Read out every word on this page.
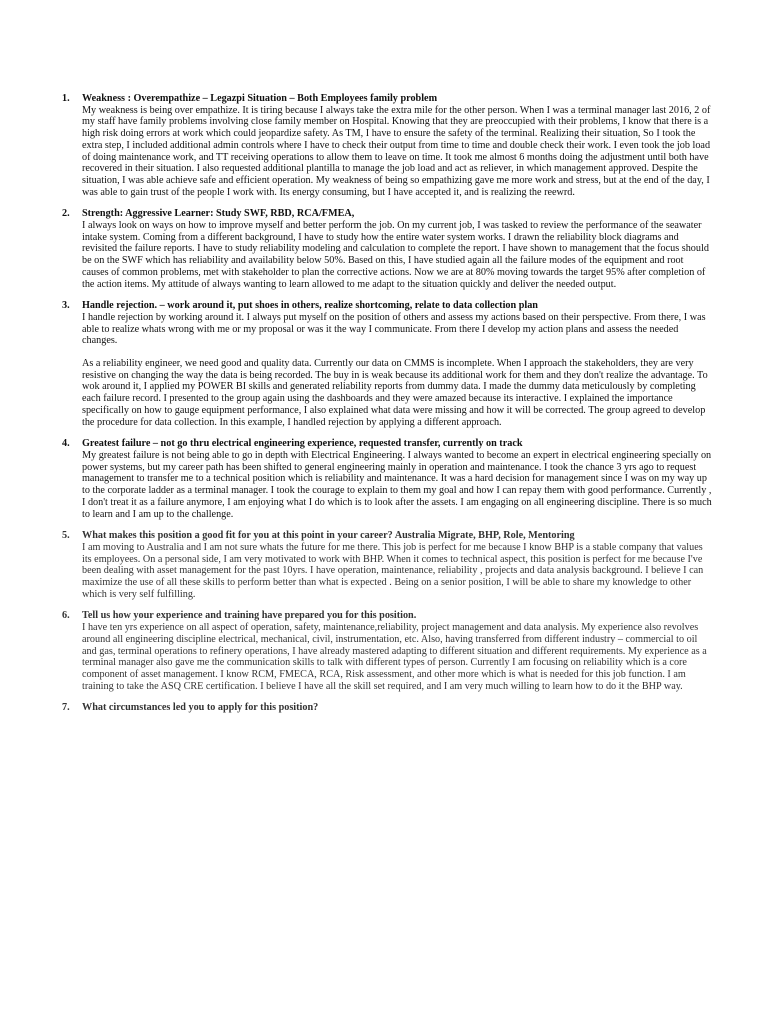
1. Weakness : Overempathize – Legazpi Situation – Both Employees family problem

My weakness is being over empathize. It is tiring because I always take the extra mile for the other person. When I was a terminal manager last 2016, 2 of my staff have family problems involving close family member on Hospital. Knowing that they are preoccupied with their problems, I know that there is a high risk doing errors at work which could jeopardize safety. As TM, I have to ensure the safety of the terminal. Realizing their situation, So I took the extra step, I included additional admin controls where I have to check their output from time to time and double check their work. I even took the job load of doing maintenance work, and TT receiving operations to allow them to leave on time. It took me almost 6 months doing the adjustment until both have recovered in their situation. I also requested additional plantilla to manage the job load and act as reliever, in which management approved. Despite the situation, I was able achieve safe and efficient operation. My weakness of being so empathizing gave me more work and stress, but at the end of the day, I was able to gain trust of the people I work with. Its energy consuming, but I have accepted it, and is realizing the reewrd.

2. Strength: Aggressive Learner: Study SWF, RBD, RCA/FMEA,

I always look on ways on how to improve myself and better perform the job. On my current job, I was tasked to review the performance of the seawater intake system. Coming from a different background, I have to study how the entire water system works. I drawn the reliability block diagrams and revisited the failure reports. I have to study reliability modeling and calculation to complete the report. I have shown to management that the focus should be on the SWF which has reliability and availability below 50%. Based on this, I have studied again all the failure modes of the equipment and root causes of common problems, met with stakeholder to plan the corrective actions. Now we are at 80% moving towards the target 95% after completion of the action items. My attitude of always wanting to learn allowed to me adapt to the situation quickly and deliver the needed output.

3. Handle rejection. – work around it, put shoes in others, realize shortcoming, relate to data collection plan

I handle rejection by working around it. I always put myself on the position of others and assess my actions based on their perspective. From there, I was able to realize whats wrong with me or my proposal or was it the way I communicate. From there I develop my action plans and assess the needed changes.

As a reliability engineer, we need good and quality data. Currently our data on CMMS is incomplete. When I approach the stakeholders, they are very resistive on changing the way the data is being recorded. The buy in is weak because its additional work for them and they don't realize the advantage. To wok around it, I applied my POWER BI skills and generated reliability reports from dummy data. I made the dummy data meticulously by completing each failure record. I presented to the group again using the dashboards and they were amazed because its interactive. I explained the importance specifically on how to gauge equipment performance, I also explained what data were missing and how it will be corrected. The group agreed to develop the procedure for data collection. In this example, I handled rejection by applying a different approach.

4. Greatest failure – not go thru electrical engineering experience, requested transfer, currently on track

My greatest failure is not being able to go in depth with Electrical Engineering. I always wanted to become an expert in electrical engineering specially on power systems, but my career path has been shifted to general engineering mainly in operation and maintenance. I took the chance 3 yrs ago to request management to transfer me to a technical position which is reliability and maintenance. It was a hard decision for management since I was on my way up to the corporate ladder as a terminal manager. I took the courage to explain to them my goal and how I can repay them with good performance. Currently , I don't treat it as a failure anymore, I am enjoying what I do which is to look after the assets. I am engaging on all engineering discipline. There is so much to learn and I am up to the challenge.

5. What makes this position a good fit for you at this point in your career? Australia Migrate, BHP, Role, Mentoring

I am moving to Australia and I am not sure whats the future for me there. This job is perfect for me because I know BHP is a stable company that values its employees. On a personal side, I am very motivated to work with BHP. When it comes to technical aspect, this position is perfect for me because I've been dealing with asset management for the past 10yrs. I have operation, maintenance, reliability , projects and data analysis background. I believe I can maximize the use of all these skills to perform better than what is expected . Being on a senior position, I will be able to share my knowledge to other which is very self fulfilling.

6. Tell us how your experience and training have prepared you for this position.

I have ten yrs experience on all aspect of operation, safety, maintenance,reliability, project management and data analysis. My experience also revolves around all engineering discipline electrical, mechanical, civil, instrumentation, etc. Also, having transferred from different industry – commercial to oil and gas, terminal operations to refinery operations, I have already mastered adapting to different situation and different requirements. My experience as a terminal manager also gave me the communication skills to talk with different types of person. Currently I am focusing on reliability which is a core component of asset management. I know RCM, FMECA, RCA, Risk assessment, and other more which is what is needed for this job function. I am training to take the ASQ CRE certification. I believe I have all the skill set required, and I am very much willing to learn how to do it the BHP way.

7. What circumstances led you to apply for this position?
